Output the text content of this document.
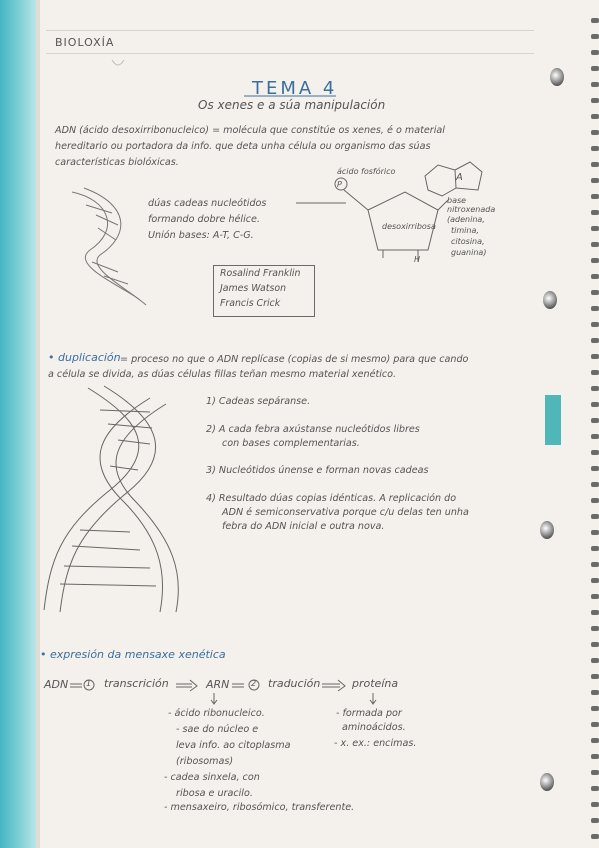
BIOLOXÍA
TEMA 4
Os xenes e a súa manipulación
ADN (ácido desoxirribonucleico) = molécula que constitúe os xenes, é o material
hereditario ou portadora da info. que deta unha célula ou organismo das súas
características biolóxicas.
dúas cadeas nucleótidos
formando dobre hélice.
Unión bases: A-T, C-G.
ácido fosfórico
desoxirribosa
A
P
H
base nitroxenada
(adenina,
timina,
citosina,
guanina)
Rosalind Franklin
James Watson
Francis Crick
• duplicación = proceso no que o ADN replícase (copias de si mesmo) para que cando
a célula se divida, as dúas células fillas teñan mesmo material xenético.
1) Cadeas sepáranse.
2) A cada febra axústanse nucleótidos libres
con bases complementarias.
3) Nucleótidos únense e forman novas cadeas
4) Resultado dúas copias idénticas. A replicación do
ADN é semiconservativa porque c/u delas ten unha
febra do ADN inicial e outra nova.
• expresión da mensaxe xenética
ADN 1 transcrición	ARN	2 tradución	proteína
- ácido ribonucleico.
- sae do núcleo e
leva info. ao citoplasma
(ribosomas)
- cadea sinxela, con
ribosa e uracilo.
- mensaxeiro, ribosómico, transferente.
- formada por
aminoácidos.
- x. ex.: encimas.
